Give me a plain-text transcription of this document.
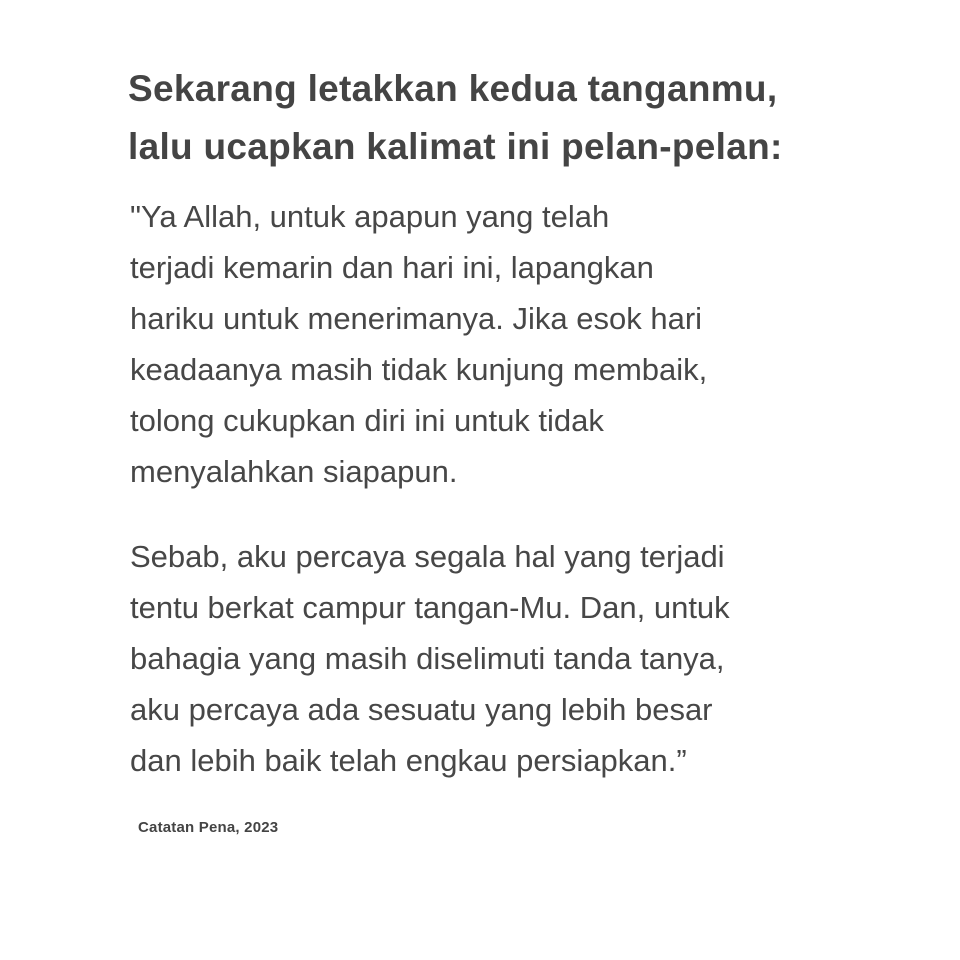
Sekarang letakkan kedua tanganmu,
lalu ucapkan kalimat ini pelan-pelan:
"Ya Allah, untuk apapun yang telah
terjadi kemarin dan hari ini, lapangkan
hariku untuk menerimanya. Jika esok hari
keadaanya masih tidak kunjung membaik,
tolong cukupkan diri ini untuk tidak
menyalahkan siapapun.
Sebab, aku percaya segala hal yang terjadi
tentu berkat campur tangan-Mu. Dan, untuk
bahagia yang masih diselimuti tanda tanya,
aku percaya ada sesuatu yang lebih besar
dan lebih baik telah engkau persiapkan.”

Catatan Pena, 2023
